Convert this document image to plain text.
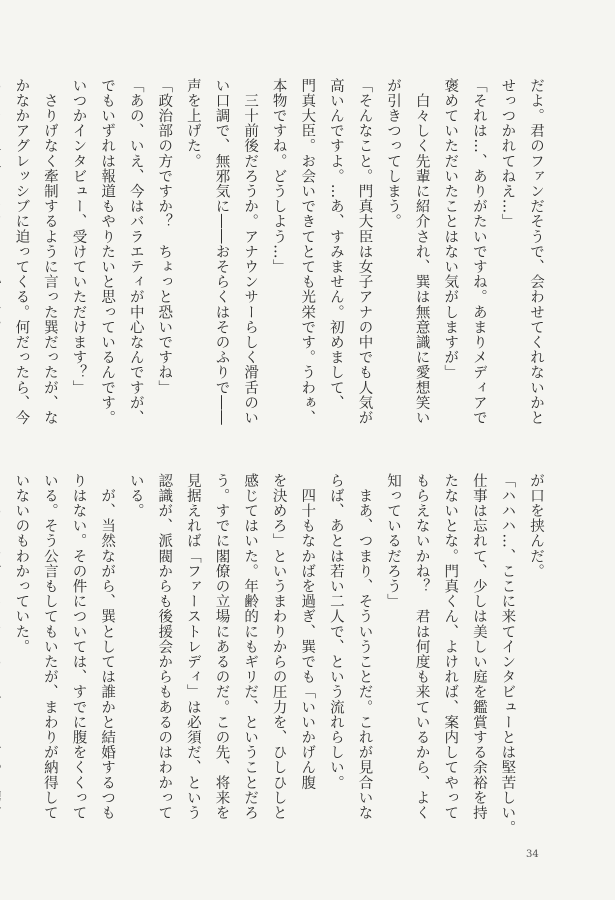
だよ。君のファンだそうで、会わせてくれないかと
せっつかれてねえ…」
「それは…、ありがたいですね。あまりメディアで
褒めていただいたことはない気がしますが」
　白々しく先輩に紹介され、巽は無意識に愛想笑い
が引きつってしまう。
「そんなこと。門真大臣は女子アナの中でも人気が
高いんですよ。…あ、すみません。初めまして、
門真大臣。お会いできてとても光栄です。うわぁ、
本物ですね。どうしよう…」
　三十前後だろうか。アナウンサーらしく滑舌のい
い口調で、無邪気に――おそらくはそのふりで――
声を上げた。
「政治部の方ですか？　ちょっと恐いですね」
「あの、いえ、今はバラエティが中心なんですが、
でもいずれは報道もやりたいと思っているんです。
いつかインタビュー、受けていただけます？」
　さりげなく牽制するように言った巽だったが、な
かなかアグレッシブに迫ってくる。何だったら、今
が口を挟んだ。
「ハハハ…、ここに来てインタビューとは堅苦しい。
仕事は忘れて、少しは美しい庭を鑑賞する余裕を持
たないとな。門真くん、よければ、案内してやって
もらえないかね？　君は何度も来ているから、よく
知っているだろう」
　まあ、つまり、そういうことだ。これが見合いな
らば、あとは若い二人で、という流れらしい。
　四十もなかばを過ぎ、巽でも「いいかげん腹
を決めろ」というまわりからの圧力を、ひしひしと
感じてはいた。年齢的にもギリだ、ということだろ
う。すでに閣僚の立場にあるのだ。この先、将来を
見据えれば「ファーストレディ」は必須だ、という
認識が、派閥からも後援会からもあるのはわかって
いる。
　が、当然ながら、巽としては誰かと結婚するつも
りはない。その件については、すでに腹をくくって
いる。そう公言もしてもいたが、まわりが納得して
いないのもわかっていた。
34
